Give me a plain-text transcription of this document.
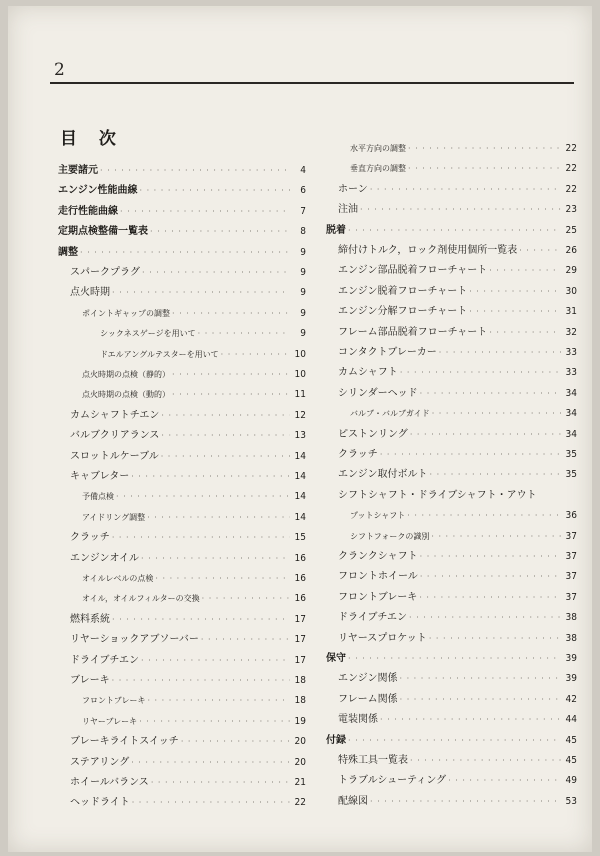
2
目 次
主要諸元 · · ·	4
エンジン性能曲線 · · ·	6
走行性能曲線 · · ·	7
定期点検整備一覧表 · · ·	8
調整 · · ·	9
スパークプラグ · · ·	9
点火時期 · · ·	9
ポイントギャップの調整 · · ·	9
シックネスゲージを用いて · · ·	9
ドエルアングルテスターを用いて · · ·	10
点火時期の点検（静的） · · ·	10
点火時期の点検（動的） · · ·	11
カムシャフトチエン · · ·	12
バルブクリアランス · · ·	13
スロットルケーブル · · ·	14
キャブレター · · ·	14
予備点検 · · ·	14
アイドリング調整 · · ·	14
クラッチ · · ·	15
エンジンオイル · · ·	16
オイルレベルの点検 · · ·	16
オイル，オイルフィルターの交換 · · ·	16
燃料系統 · · ·	17
リヤーショックアブソーバー · · ·	17
ドライブチエン · · ·	17
ブレーキ · · ·	18
フロントブレーキ · · ·	18
リヤーブレーキ · · ·	19
ブレーキライトスイッチ · · ·	20
ステアリング · · ·	20
ホイールバランス · · ·	21
ヘッドライト · · ·	22
水平方向の調整 · · ·	22
垂直方向の調整 · · ·	22
ホーン · · ·	22
注油 · · ·	23
脱着 · · ·	25
締付けトルク，ロック剤使用個所一覧表 · · ·	26
エンジン部品脱着フローチャート · · ·	29
エンジン脱着フローチャート · · ·	30
エンジン分解フローチャート · · ·	31
フレーム部品脱着フローチャート · · ·	32
コンタクトブレーカー · · ·	33
カムシャフト · · ·	33
シリンダーヘッド · · ·	34
バルブ・バルブガイド · · ·	34
ピストンリング · · ·	34
クラッチ · · ·	35
エンジン取付ボルト · · ·	35
シフトシャフト・ドライブシャフト・アウト
プットシャフト · · ·	36
シフトフォークの識別 · · ·	37
クランクシャフト · · ·	37
フロントホイール · · ·	37
フロントブレーキ · · ·	37
ドライブチエン · · ·	38
リヤースプロケット · · ·	38
保守 · · ·	39
エンジン関係 · · ·	39
フレーム関係 · · ·	42
電装関係 · · ·	44
付録 · · ·	45
特殊工具一覧表 · · ·	45
トラブルシューティング · · ·	49
配線図 · · ·	53
